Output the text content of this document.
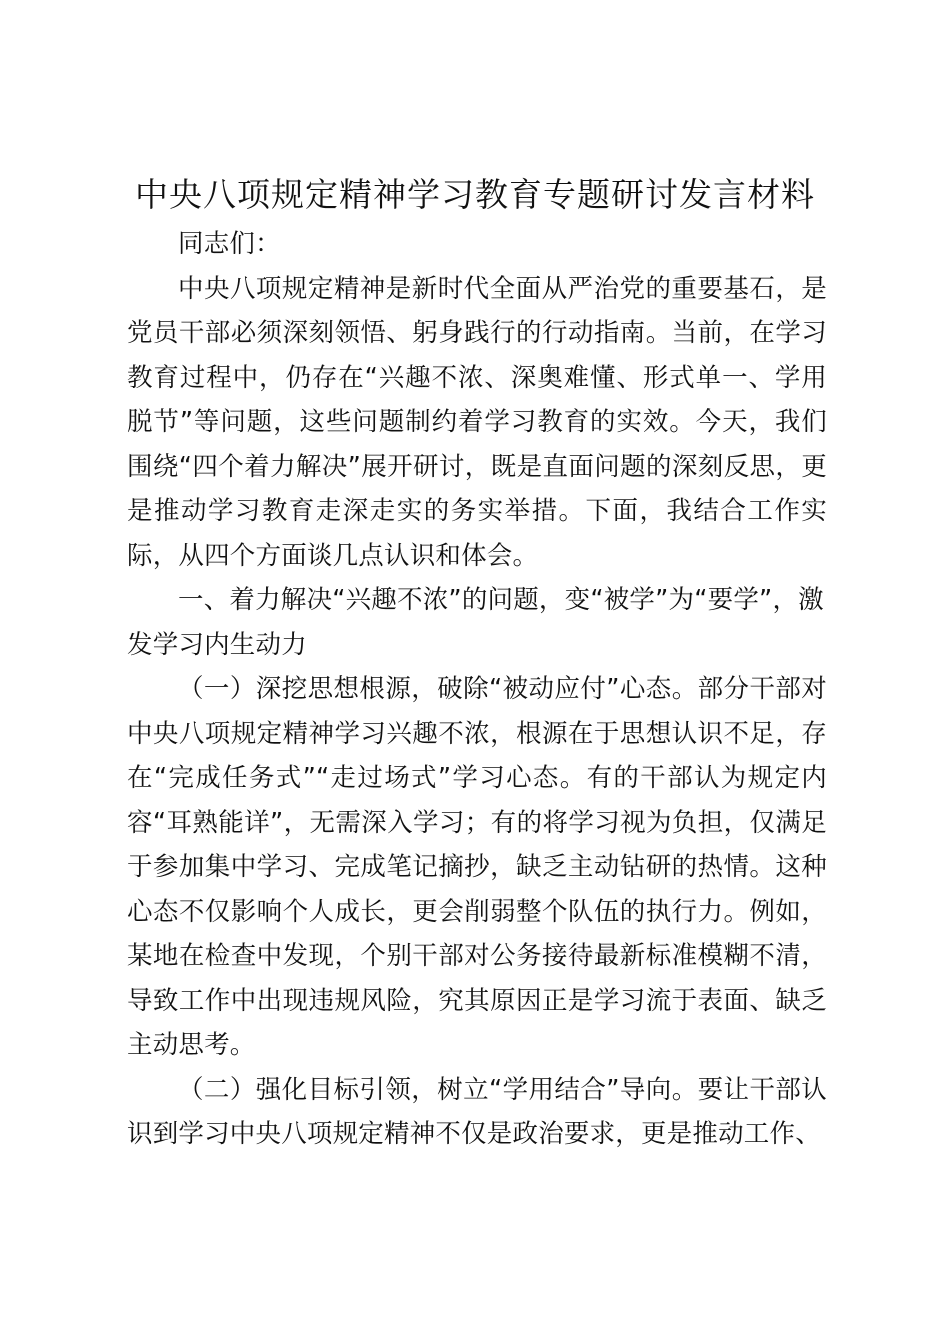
中央八项规定精神学习教育专题研讨发言材料

同志们：

中央八项规定精神是新时代全面从严治党的重要基石，是党员干部必须深刻领悟、躬身践行的行动指南。当前，在学习教育过程中，仍存在“兴趣不浓、深奥难懂、形式单一、学用脱节”等问题，这些问题制约着学习教育的实效。今天，我们围绕“四个着力解决”展开研讨，既是直面问题的深刻反思，更是推动学习教育走深走实的务实举措。下面，我结合工作实际，从四个方面谈几点认识和体会。

一、着力解决“兴趣不浓”的问题，变“被学”为“要学”，激发学习内生动力

（一）深挖思想根源，破除“被动应付”心态。部分干部对中央八项规定精神学习兴趣不浓，根源在于思想认识不足，存在“完成任务式”“走过场式”学习心态。有的干部认为规定内容“耳熟能详”，无需深入学习；有的将学习视为负担，仅满足于参加集中学习、完成笔记摘抄，缺乏主动钻研的热情。这种心态不仅影响个人成长，更会削弱整个队伍的执行力。例如，某地在检查中发现，个别干部对公务接待最新标准模糊不清，导致工作中出现违规风险，究其原因正是学习流于表面、缺乏主动思考。

（二）强化目标引领，树立“学用结合”导向。要让干部认识到学习中央八项规定精神不仅是政治要求，更是推动工作、
